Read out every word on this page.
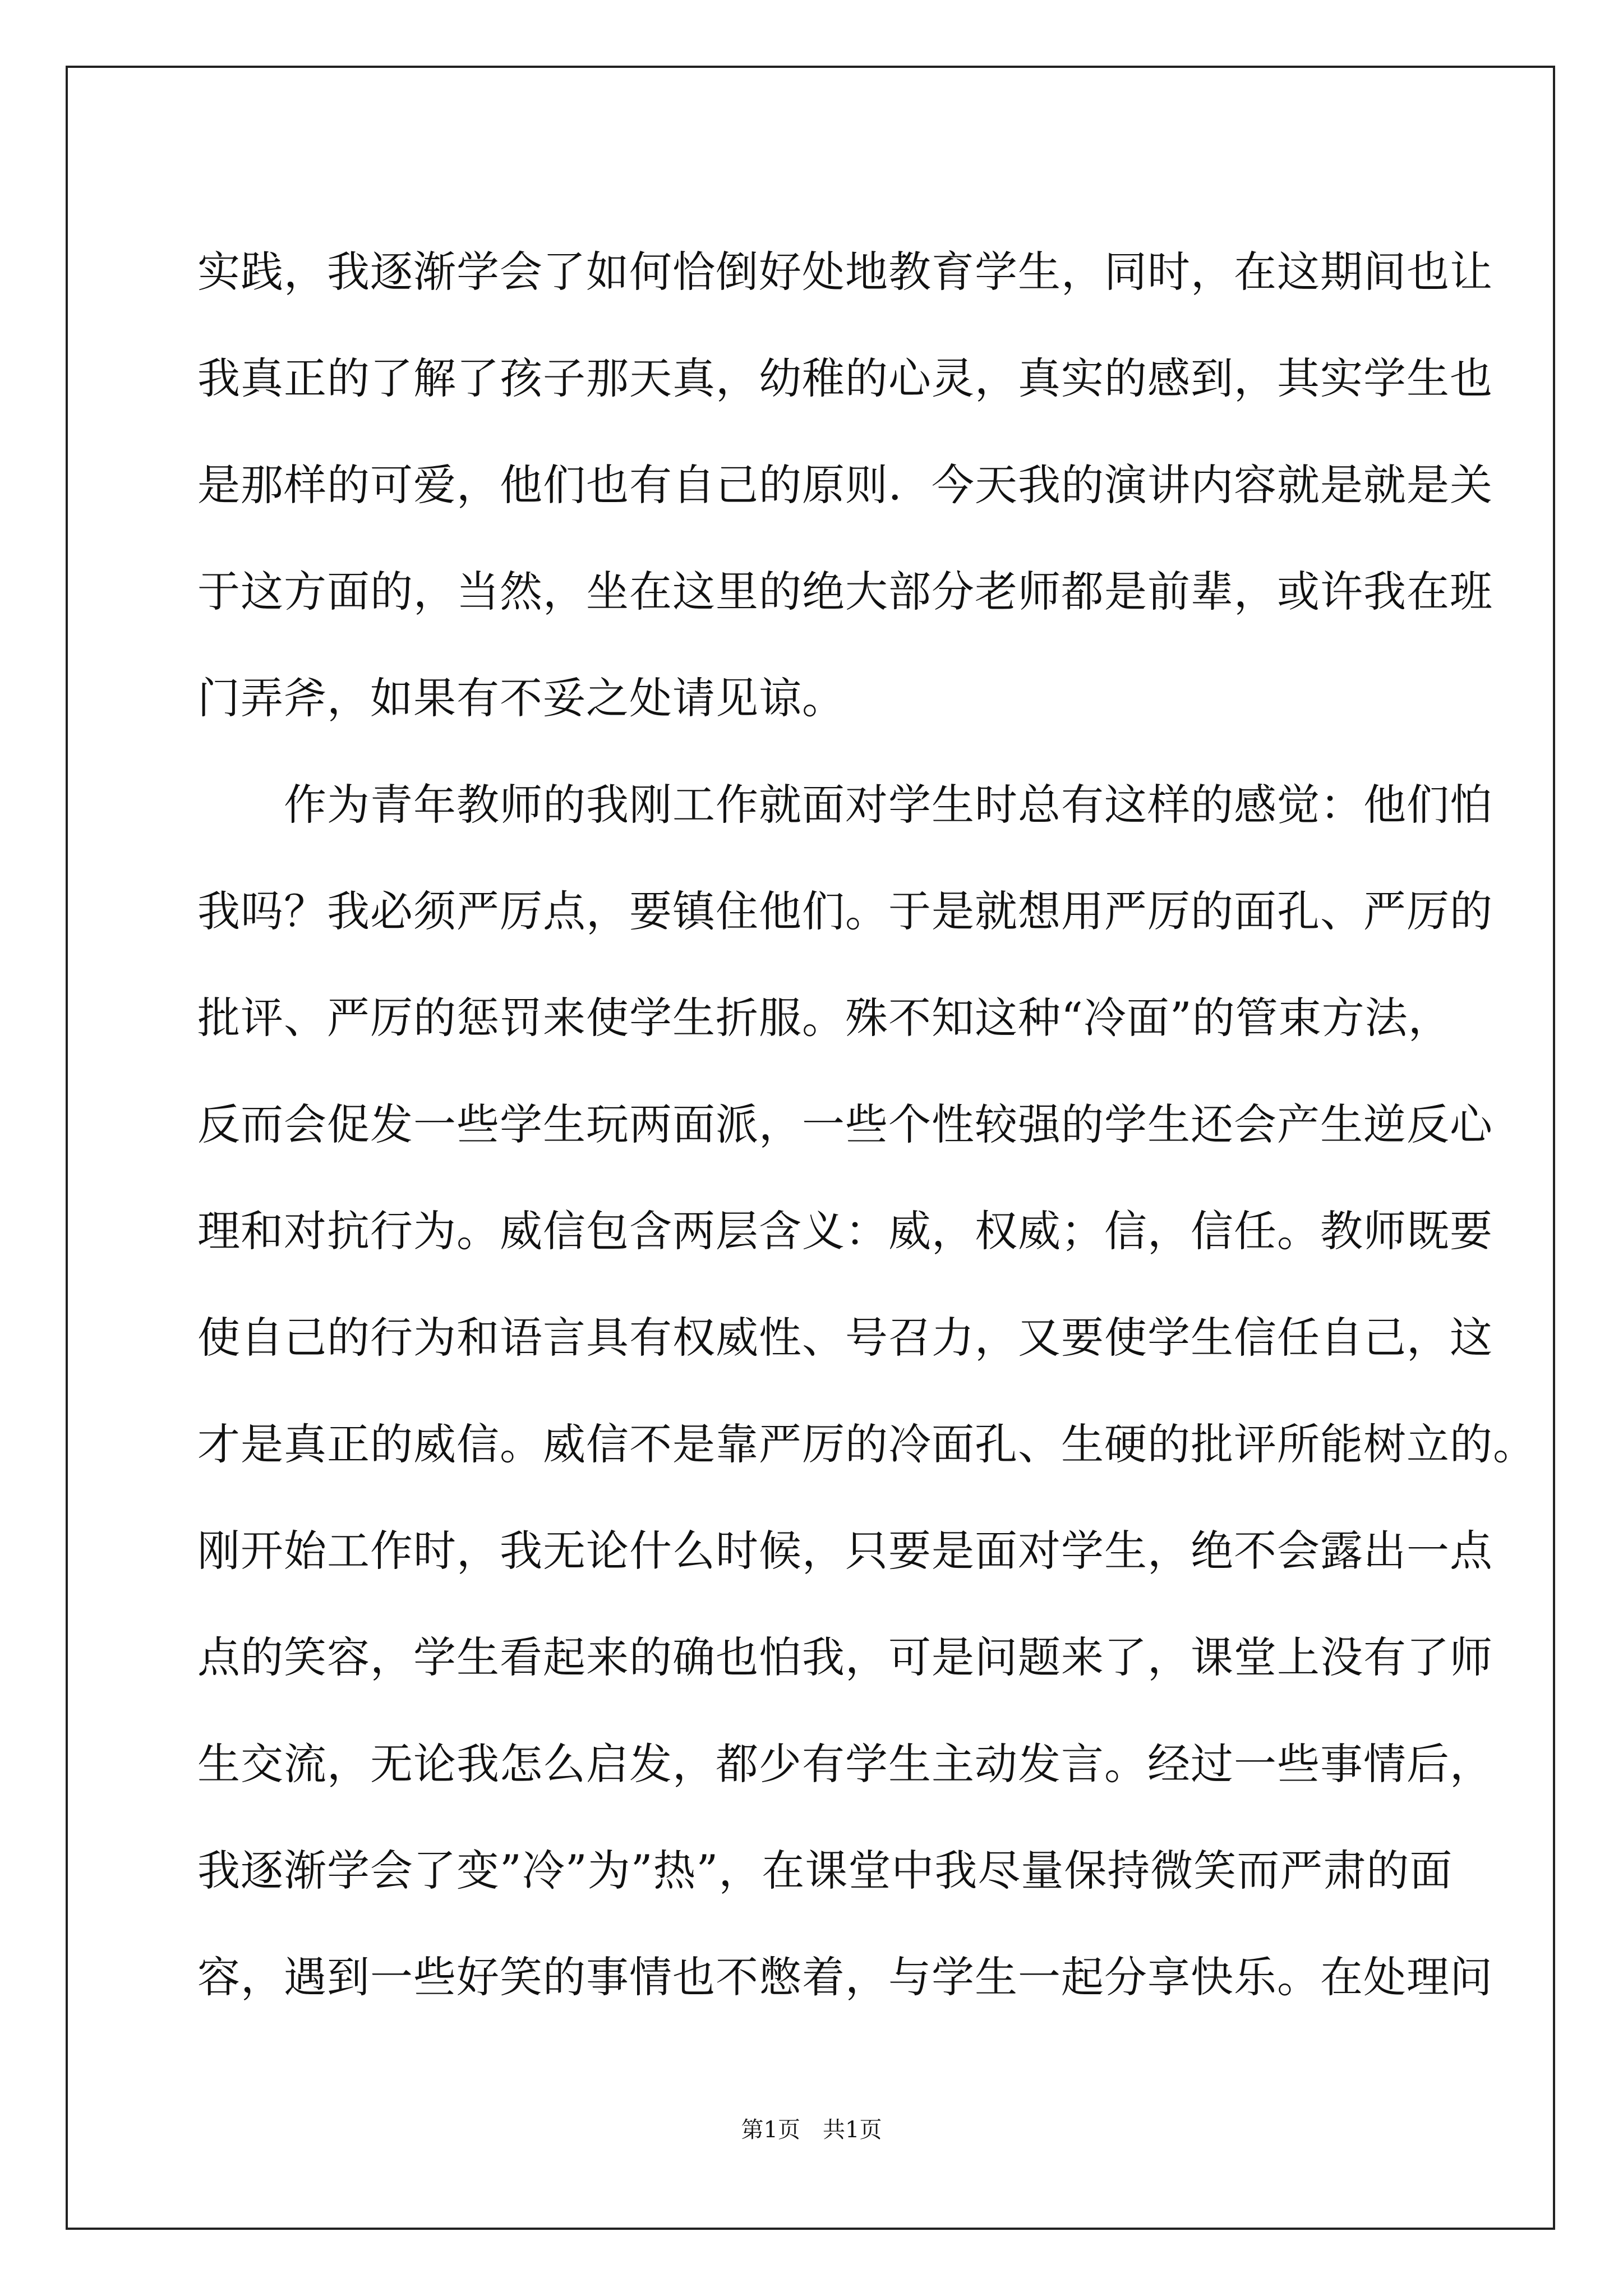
实践，我逐渐学会了如何恰倒好处地教育学生，同时，在这期间也让
我真正的了解了孩子那天真，幼稚的心灵，真实的感到，其实学生也
是那样的可爱，他们也有自己的原则．今天我的演讲内容就是就是关
于这方面的，当然，坐在这里的绝大部分老师都是前辈，或许我在班
门弄斧，如果有不妥之处请见谅。
　　作为青年教师的我刚工作就面对学生时总有这样的感觉：他们怕
我吗？我必须严厉点，要镇住他们。于是就想用严厉的面孔、严厉的
批评、严厉的惩罚来使学生折服。殊不知这种“冷面”的管束方法，
反而会促发一些学生玩两面派，一些个性较强的学生还会产生逆反心
理和对抗行为。威信包含两层含义：威，权威；信，信任。教师既要
使自己的行为和语言具有权威性、号召力，又要使学生信任自己，这
才是真正的威信。威信不是靠严厉的冷面孔、生硬的批评所能树立的。
刚开始工作时，我无论什么时候，只要是面对学生，绝不会露出一点
点的笑容，学生看起来的确也怕我，可是问题来了，课堂上没有了师
生交流，无论我怎么启发，都少有学生主动发言。经过一些事情后，
我逐渐学会了变”冷”为”热”，在课堂中我尽量保持微笑而严肃的面
容，遇到一些好笑的事情也不憋着，与学生一起分享快乐。在处理问
第1页　共1页
